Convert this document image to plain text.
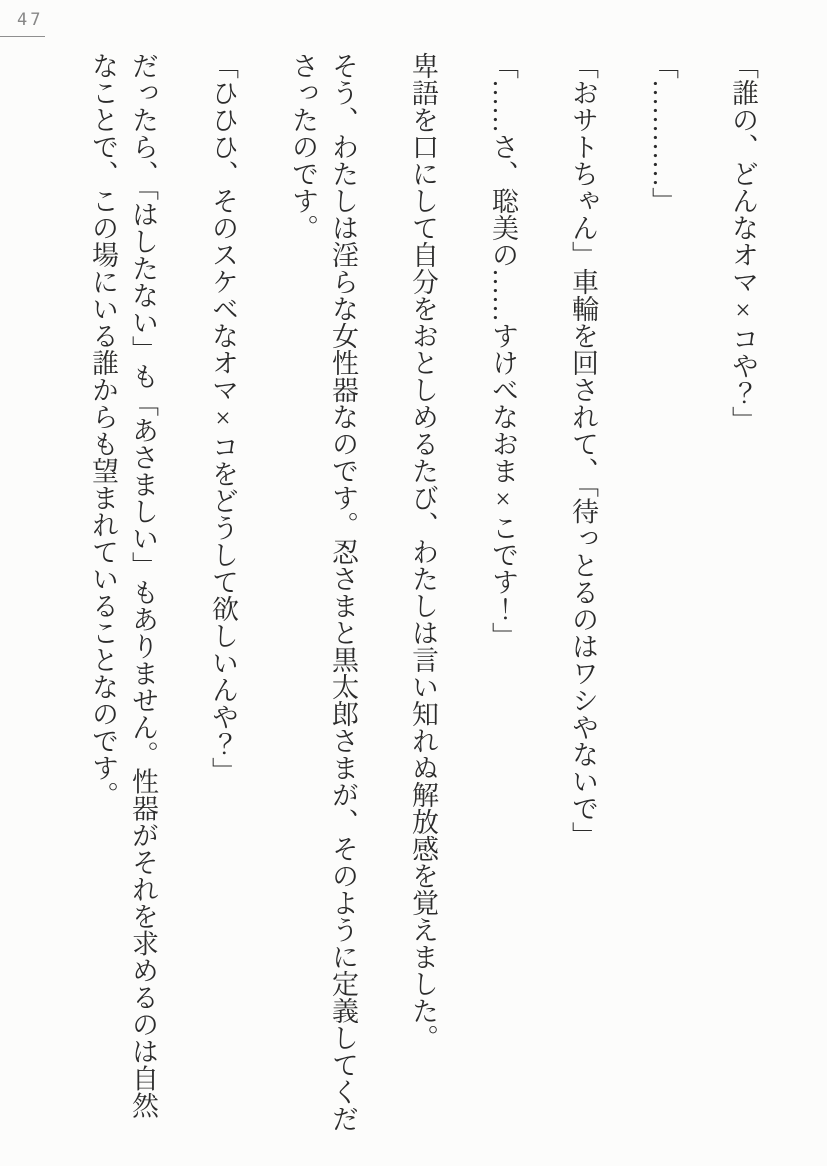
47

「誰の、どんなオマ×コや？」

「…………」

「おサトちゃん」車輪を回されて、「待っとるのはワシやないで」

「……さ、聡美の……すけべなおま×こです！」

卑語を口にして自分をおとしめるたび、わたしは言い知れぬ解放感を覚えました。

そう、わたしは淫らな女性器なのです。忍さまと黒太郎さまが、そのように定義してくださったのです。

「ひひひ、そのスケベなオマ×コをどうして欲しいんや？」

だったら、「はしたない」も「あさましい」もありません。性器がそれを求めるのは自然なことで、この場にいる誰からも望まれていることなのです。
